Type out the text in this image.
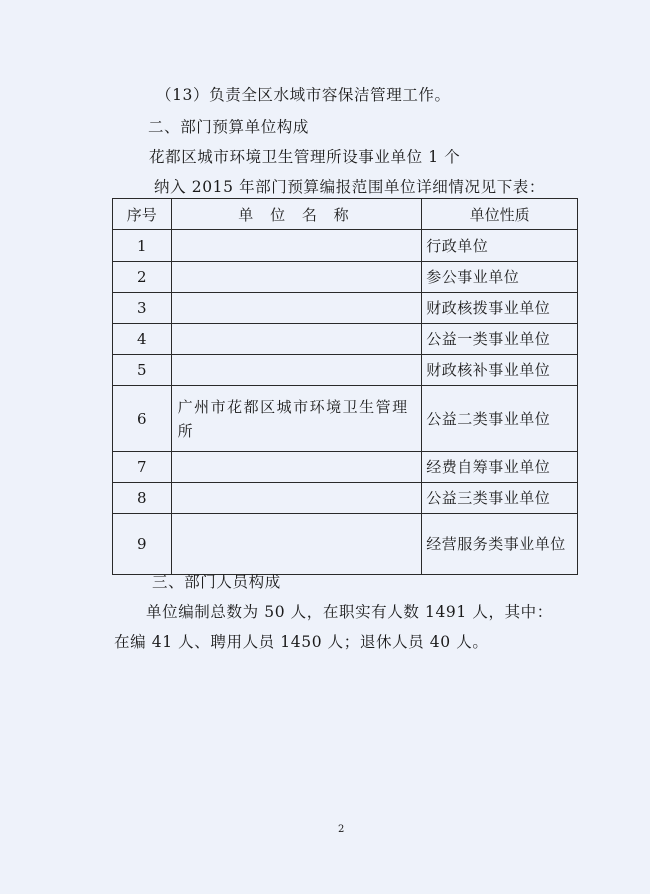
（13）负责全区水域市容保洁管理工作。
二、部门预算单位构成
花都区城市环境卫生管理所设事业单位 1 个
纳入 2015 年部门预算编报范围单位详细情况见下表：
序号	单 位 名 称	单位性质
1		行政单位
2		参公事业单位
3		财政核拨事业单位
4		公益一类事业单位
5		财政核补事业单位
6	广州市花都区城市环境卫生管理所	公益二类事业单位
7		经费自筹事业单位
8		公益三类事业单位
9		经营服务类事业单位
三、部门人员构成
单位编制总数为 50 人，在职实有人数 1491 人，其中：
在编 41 人、聘用人员 1450 人；退休人员 40 人。
2
